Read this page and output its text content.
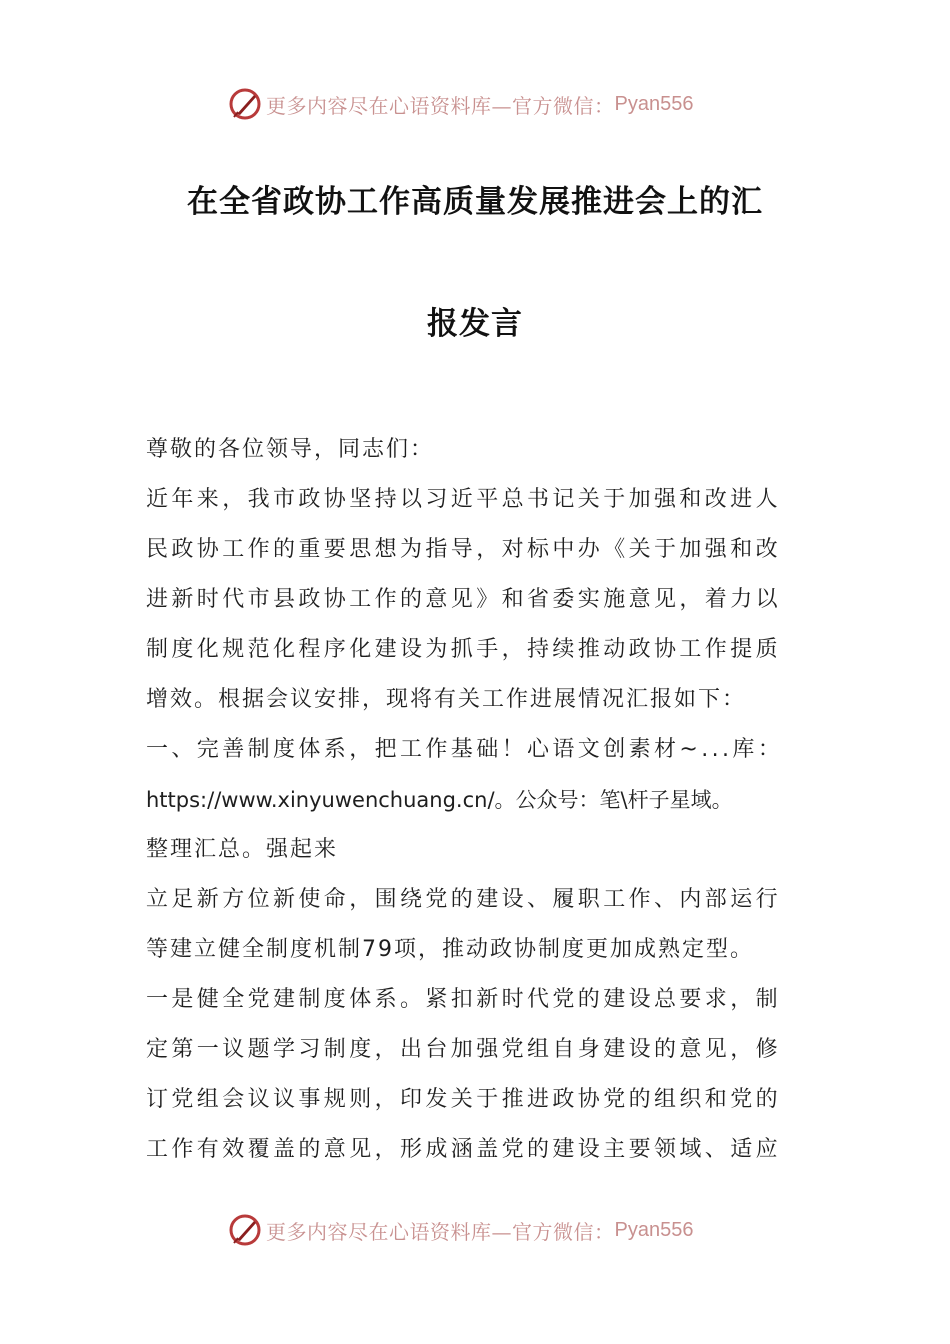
更多内容尽在心语资料库—官方微信： Pyan556
在全省政协工作高质量发展推进会上的汇
报发言
尊敬的各位领导，同志们：
近年来，我市政协坚持以习近平总书记关于加强和改进人
民政协工作的重要思想为指导，对标中办《关于加强和改
进新时代市县政协工作的意见》和省委实施意见，着力以
制度化规范化程序化建设为抓手，持续推动政协工作提质
增效。根据会议安排，现将有关工作进展情况汇报如下：
一、完善制度体系，把工作基础！心语文创素材~...库：
https://www.xinyuwenchuang.cn/。公众号：笔\杆子星域。
整理汇总。强起来
立足新方位新使命，围绕党的建设、履职工作、内部运行
等建立健全制度机制79项，推动政协制度更加成熟定型。
一是健全党建制度体系。紧扣新时代党的建设总要求，制
定第一议题学习制度，出台加强党组自身建设的意见，修
订党组会议议事规则，印发关于推进政协党的组织和党的
工作有效覆盖的意见，形成涵盖党的建设主要领域、适应
更多内容尽在心语资料库—官方微信： Pyan556
